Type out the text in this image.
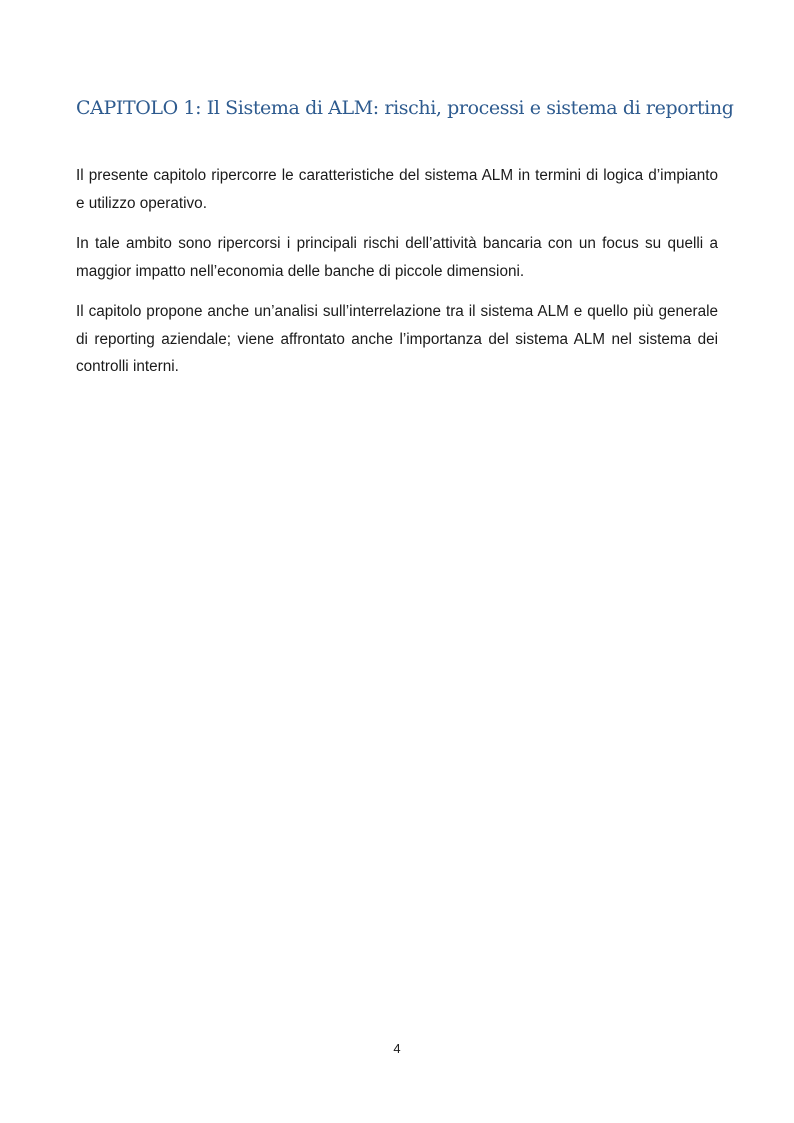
CAPITOLO 1: Il Sistema di ALM: rischi, processi e sistema di reporting

Il presente capitolo ripercorre le caratteristiche del sistema ALM in termini di logica d’impianto e utilizzo operativo.

In tale ambito sono ripercorsi i principali rischi dell’attività bancaria con un focus su quelli a maggior impatto nell’economia delle banche di piccole dimensioni.

Il capitolo propone anche un’analisi sull’interrelazione tra il sistema ALM e quello più generale di reporting aziendale; viene affrontato anche l’importanza del sistema ALM nel sistema dei controlli interni.

4
